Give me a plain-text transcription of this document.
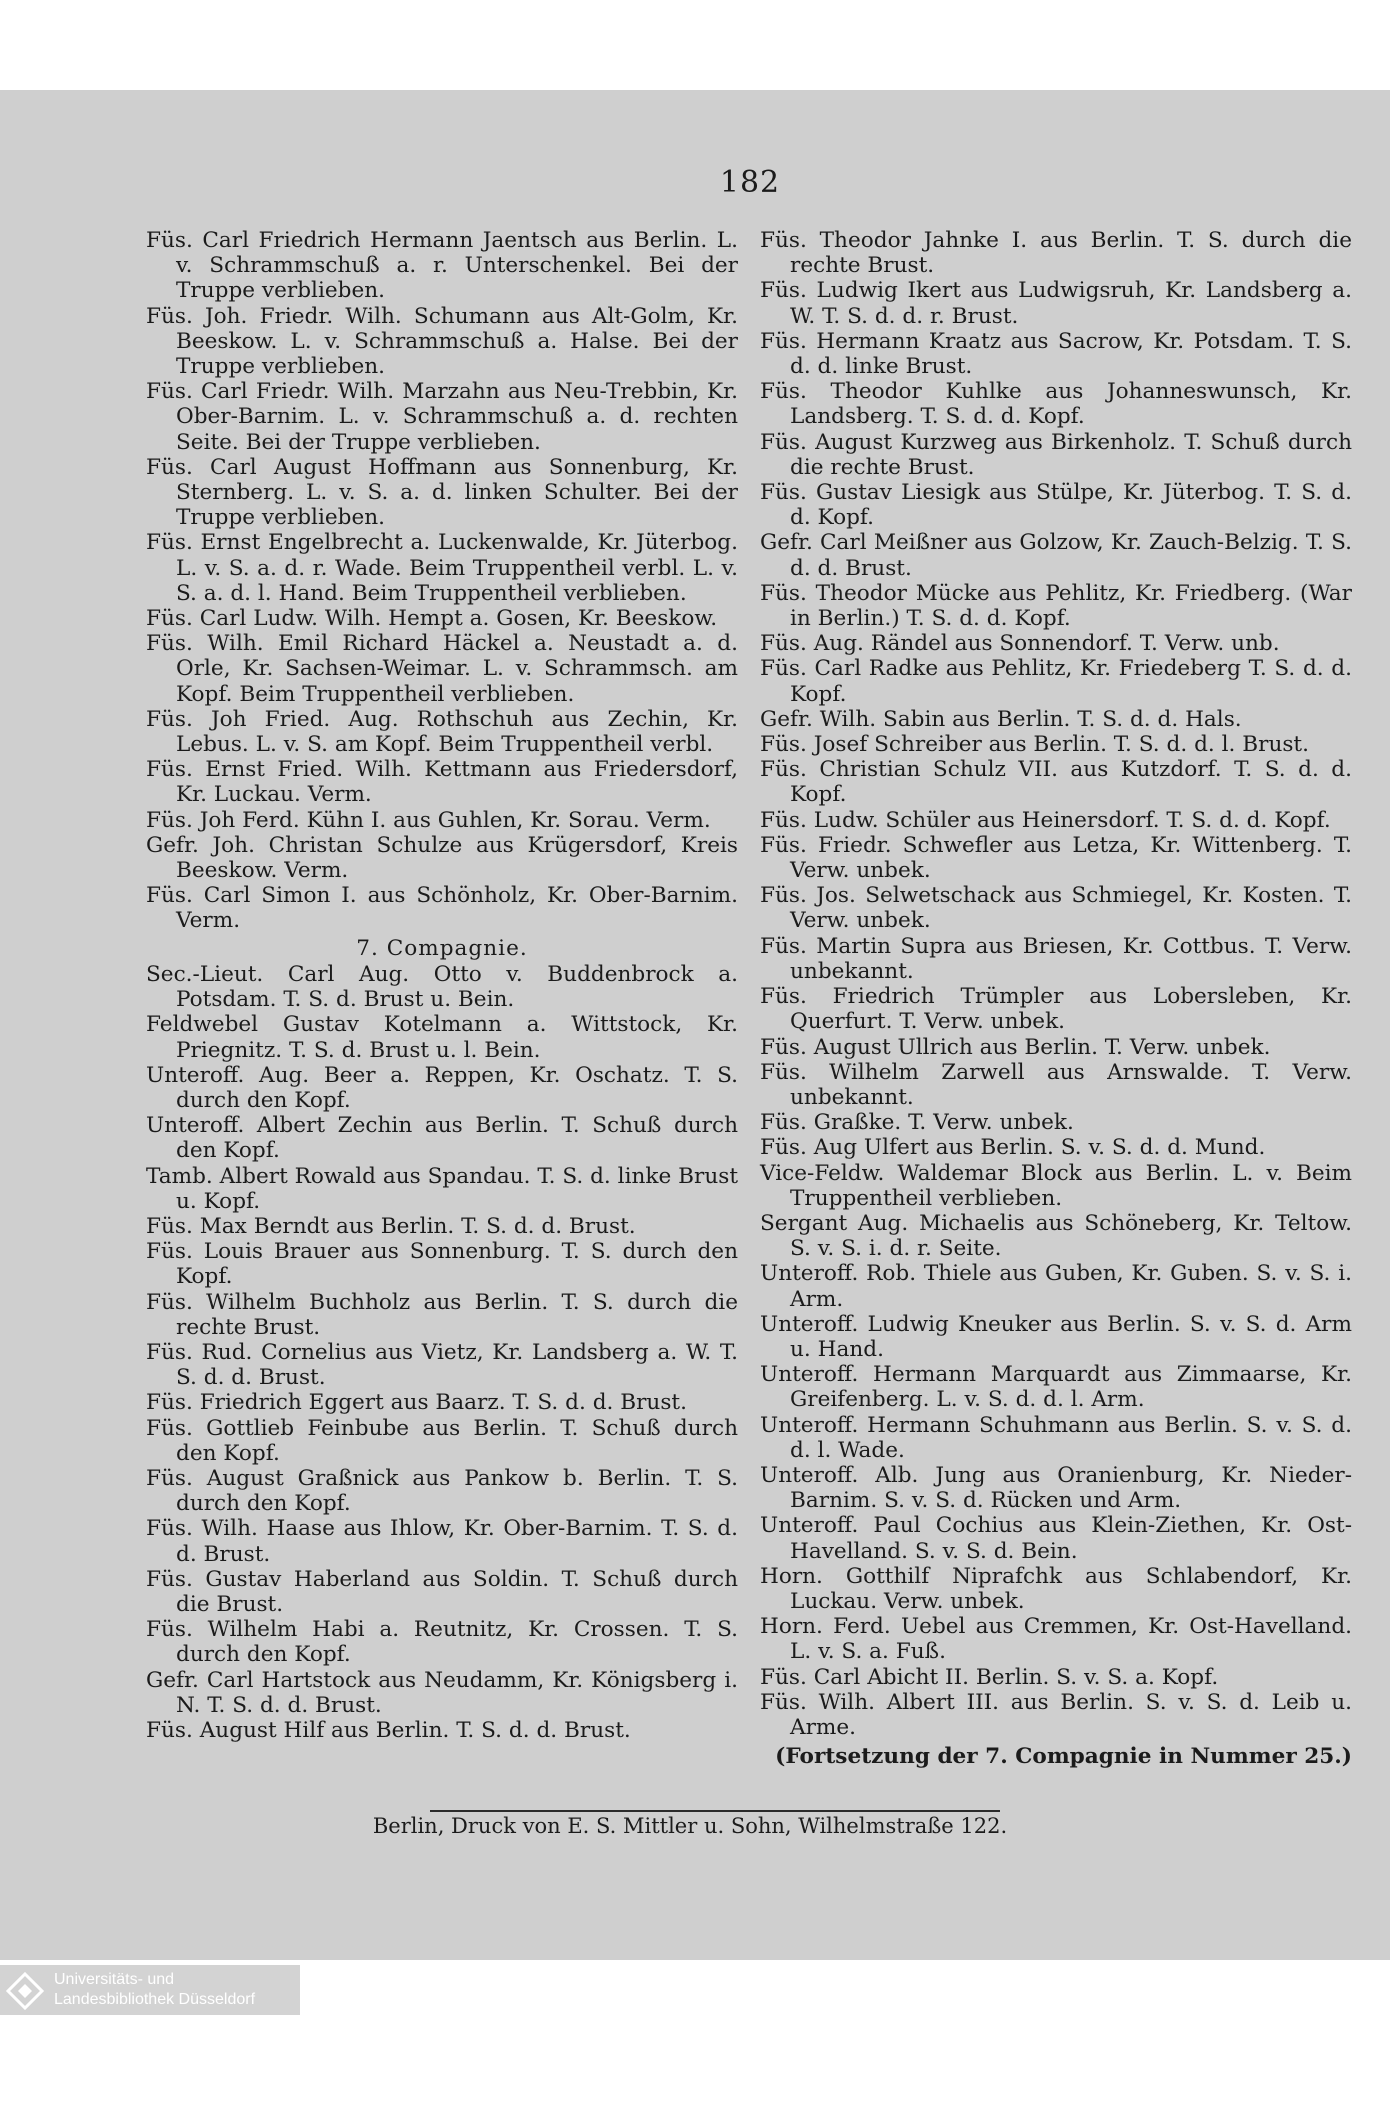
182

Füs. Carl Friedrich Hermann Jaentsch aus Berlin. L. v. Schrammschuß a. r. Unterschenkel. Bei der Truppe verblieben.

Füs. Joh. Friedr. Wilh. Schumann aus Alt-Golm, Kr. Beeskow. L. v. Schrammschuß a. Halse. Bei der Truppe verblieben.

Füs. Carl Friedr. Wilh. Marzahn aus Neu-Trebbin, Kr. Ober-Barnim. L. v. Schrammschuß a. d. rechten Seite. Bei der Truppe verblieben.

Füs. Carl August Hoffmann aus Sonnenburg, Kr. Sternberg. L. v. S. a. d. linken Schulter. Bei der Truppe verblieben.

Füs. Ernst Engelbrecht a. Luckenwalde, Kr. Jüterbog. L. v. S. a. d. r. Wade. Beim Truppentheil verbl. L. v. S. a. d. l. Hand. Beim Truppentheil verblieben.

Füs. Carl Ludw. Wilh. Hempt a. Gosen, Kr. Beeskow.

Füs. Wilh. Emil Richard Häckel a. Neustadt a. d. Orle, Kr. Sachsen-Weimar. L. v. Schrammsch. am Kopf. Beim Truppentheil verblieben.

Füs. Joh Fried. Aug. Rothschuh aus Zechin, Kr. Lebus. L. v. S. am Kopf. Beim Truppentheil verbl.

Füs. Ernst Fried. Wilh. Kettmann aus Friedersdorf, Kr. Luckau. Verm.

Füs. Joh Ferd. Kühn I. aus Guhlen, Kr. Sorau. Verm.

Gefr. Joh. Christan Schulze aus Krügersdorf, Kreis Beeskow. Verm.

Füs. Carl Simon I. aus Schönholz, Kr. Ober-Barnim. Verm.

7. Compagnie.

Sec.-Lieut. Carl Aug. Otto v. Buddenbrock a. Potsdam. T. S. d. Brust u. Bein.

Feldwebel Gustav Kotelmann a. Wittstock, Kr. Priegnitz. T. S. d. Brust u. l. Bein.

Unteroff. Aug. Beer a. Reppen, Kr. Oschatz. T. S. durch den Kopf.

Unteroff. Albert Zechin aus Berlin. T. Schuß durch den Kopf.

Tamb. Albert Rowald aus Spandau. T. S. d. linke Brust u. Kopf.

Füs. Max Berndt aus Berlin. T. S. d. d. Brust.

Füs. Louis Brauer aus Sonnenburg. T. S. durch den Kopf.

Füs. Wilhelm Buchholz aus Berlin. T. S. durch die rechte Brust.

Füs. Rud. Cornelius aus Vietz, Kr. Landsberg a. W. T. S. d. d. Brust.

Füs. Friedrich Eggert aus Baarz. T. S. d. d. Brust.

Füs. Gottlieb Feinbube aus Berlin. T. Schuß durch den Kopf.

Füs. August Graßnick aus Pankow b. Berlin. T. S. durch den Kopf.

Füs. Wilh. Haase aus Ihlow, Kr. Ober-Barnim. T. S. d. d. Brust.

Füs. Gustav Haberland aus Soldin. T. Schuß durch die Brust.

Füs. Wilhelm Habi a. Reutnitz, Kr. Crossen. T. S. durch den Kopf.

Gefr. Carl Hartstock aus Neudamm, Kr. Königsberg i. N. T. S. d. d. Brust.

Füs. August Hilf aus Berlin. T. S. d. d. Brust.

Füs. Theodor Jahnke I. aus Berlin. T. S. durch die rechte Brust.

Füs. Ludwig Ikert aus Ludwigsruh, Kr. Landsberg a. W. T. S. d. d. r. Brust.

Füs. Hermann Kraatz aus Sacrow, Kr. Potsdam. T. S. d. d. linke Brust.

Füs. Theodor Kuhlke aus Johanneswunsch, Kr. Landsberg. T. S. d. d. Kopf.

Füs. August Kurzweg aus Birkenholz. T. Schuß durch die rechte Brust.

Füs. Gustav Liesigk aus Stülpe, Kr. Jüterbog. T. S. d. d. Kopf.

Gefr. Carl Meißner aus Golzow, Kr. Zauch-Belzig. T. S. d. d. Brust.

Füs. Theodor Mücke aus Pehlitz, Kr. Friedberg. (War in Berlin.) T. S. d. d. Kopf.

Füs. Aug. Rändel aus Sonnendorf. T. Verw. unb.

Füs. Carl Radke aus Pehlitz, Kr. Friedeberg T. S. d. d. Kopf.

Gefr. Wilh. Sabin aus Berlin. T. S. d. d. Hals.

Füs. Josef Schreiber aus Berlin. T. S. d. d. l. Brust.

Füs. Christian Schulz VII. aus Kutzdorf. T. S. d. d. Kopf.

Füs. Ludw. Schüler aus Heinersdorf. T. S. d. d. Kopf.

Füs. Friedr. Schwefler aus Letza, Kr. Wittenberg. T. Verw. unbek.

Füs. Jos. Selwetschack aus Schmiegel, Kr. Kosten. T. Verw. unbek.

Füs. Martin Supra aus Briesen, Kr. Cottbus. T. Verw. unbekannt.

Füs. Friedrich Trümpler aus Lobersleben, Kr. Querfurt. T. Verw. unbek.

Füs. August Ullrich aus Berlin. T. Verw. unbek.

Füs. Wilhelm Zarwell aus Arnswalde. T. Verw. unbekannt.

Füs. Graßke. T. Verw. unbek.

Füs. Aug Ulfert aus Berlin. S. v. S. d. d. Mund.

Vice-Feldw. Waldemar Block aus Berlin. L. v. Beim Truppentheil verblieben.

Sergant Aug. Michaelis aus Schöneberg, Kr. Teltow. S. v. S. i. d. r. Seite.

Unteroff. Rob. Thiele aus Guben, Kr. Guben. S. v. S. i. Arm.

Unteroff. Ludwig Kneuker aus Berlin. S. v. S. d. Arm u. Hand.

Unteroff. Hermann Marquardt aus Zimmaarse, Kr. Greifenberg. L. v. S. d. d. l. Arm.

Unteroff. Hermann Schuhmann aus Berlin. S. v. S. d. d. l. Wade.

Unteroff. Alb. Jung aus Oranienburg, Kr. Nieder-Barnim. S. v. S. d. Rücken und Arm.

Unteroff. Paul Cochius aus Klein-Ziethen, Kr. Ost-Havelland. S. v. S. d. Bein.

Horn. Gotthilf Niprafchk aus Schlabendorf, Kr. Luckau. Verw. unbek.

Horn. Ferd. Uebel aus Cremmen, Kr. Ost-Havelland. L. v. S. a. Fuß.

Füs. Carl Abicht II. Berlin. S. v. S. a. Kopf.

Füs. Wilh. Albert III. aus Berlin. S. v. S. d. Leib u. Arme.

(Fortsetzung der 7. Compagnie in Nummer 25.)

Berlin, Druck von E. S. Mittler u. Sohn, Wilhelmstraße 122.
Universitäts- und
Landesbibliothek Düsseldorf
